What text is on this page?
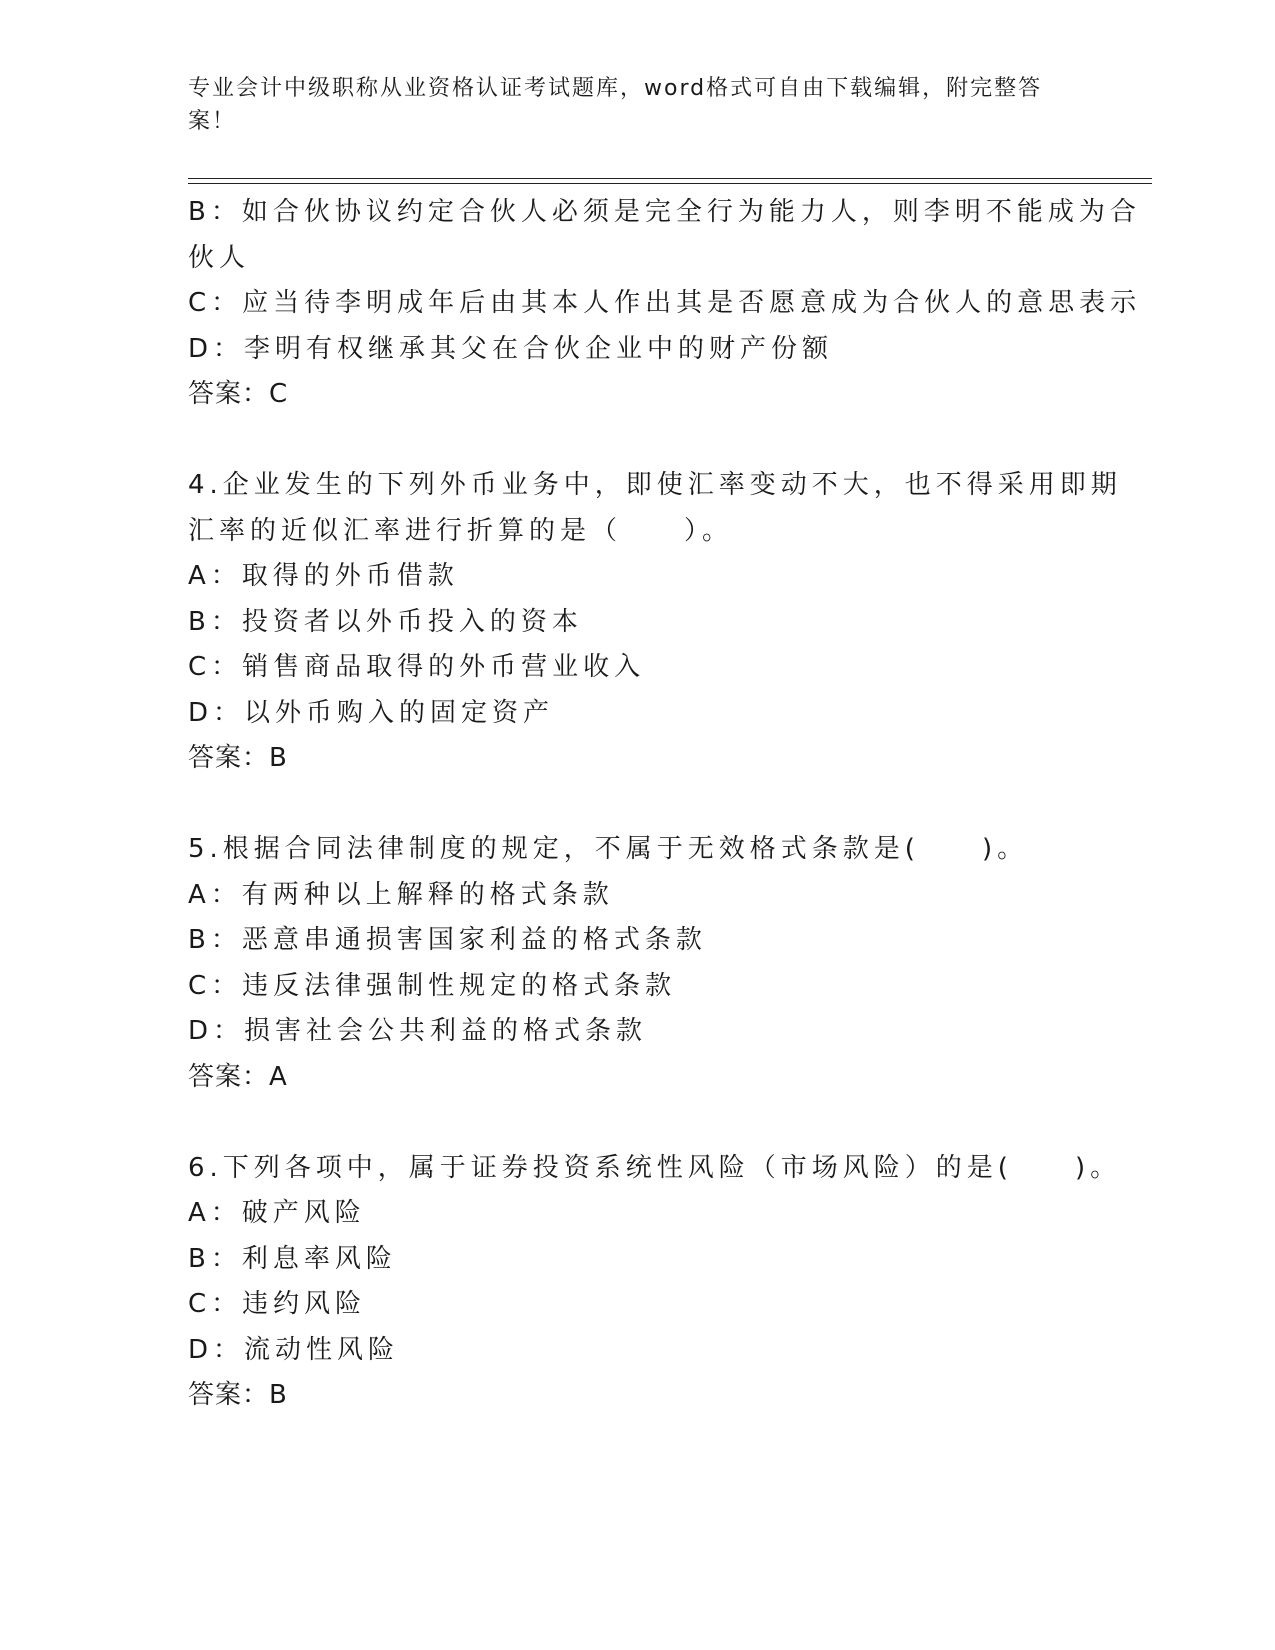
专业会计中级职称从业资格认证考试题库，word格式可自由下载编辑，附完整答
案！
B：如合伙协议约定合伙人必须是完全行为能力人，则李明不能成为合
伙人
C：应当待李明成年后由其本人作出其是否愿意成为合伙人的意思表示
D：李明有权继承其父在合伙企业中的财产份额
答案：C
4.企业发生的下列外币业务中，即使汇率变动不大，也不得采用即期
汇率的近似汇率进行折算的是（　　）。
A：取得的外币借款
B：投资者以外币投入的资本
C：销售商品取得的外币营业收入
D：以外币购入的固定资产
答案：B
5.根据合同法律制度的规定，不属于无效格式条款是(　　)。
A：有两种以上解释的格式条款
B：恶意串通损害国家利益的格式条款
C：违反法律强制性规定的格式条款
D：损害社会公共利益的格式条款
答案：A
6.下列各项中，属于证券投资系统性风险（市场风险）的是(　　)。
A：破产风险
B：利息率风险
C：违约风险
D：流动性风险
答案：B
